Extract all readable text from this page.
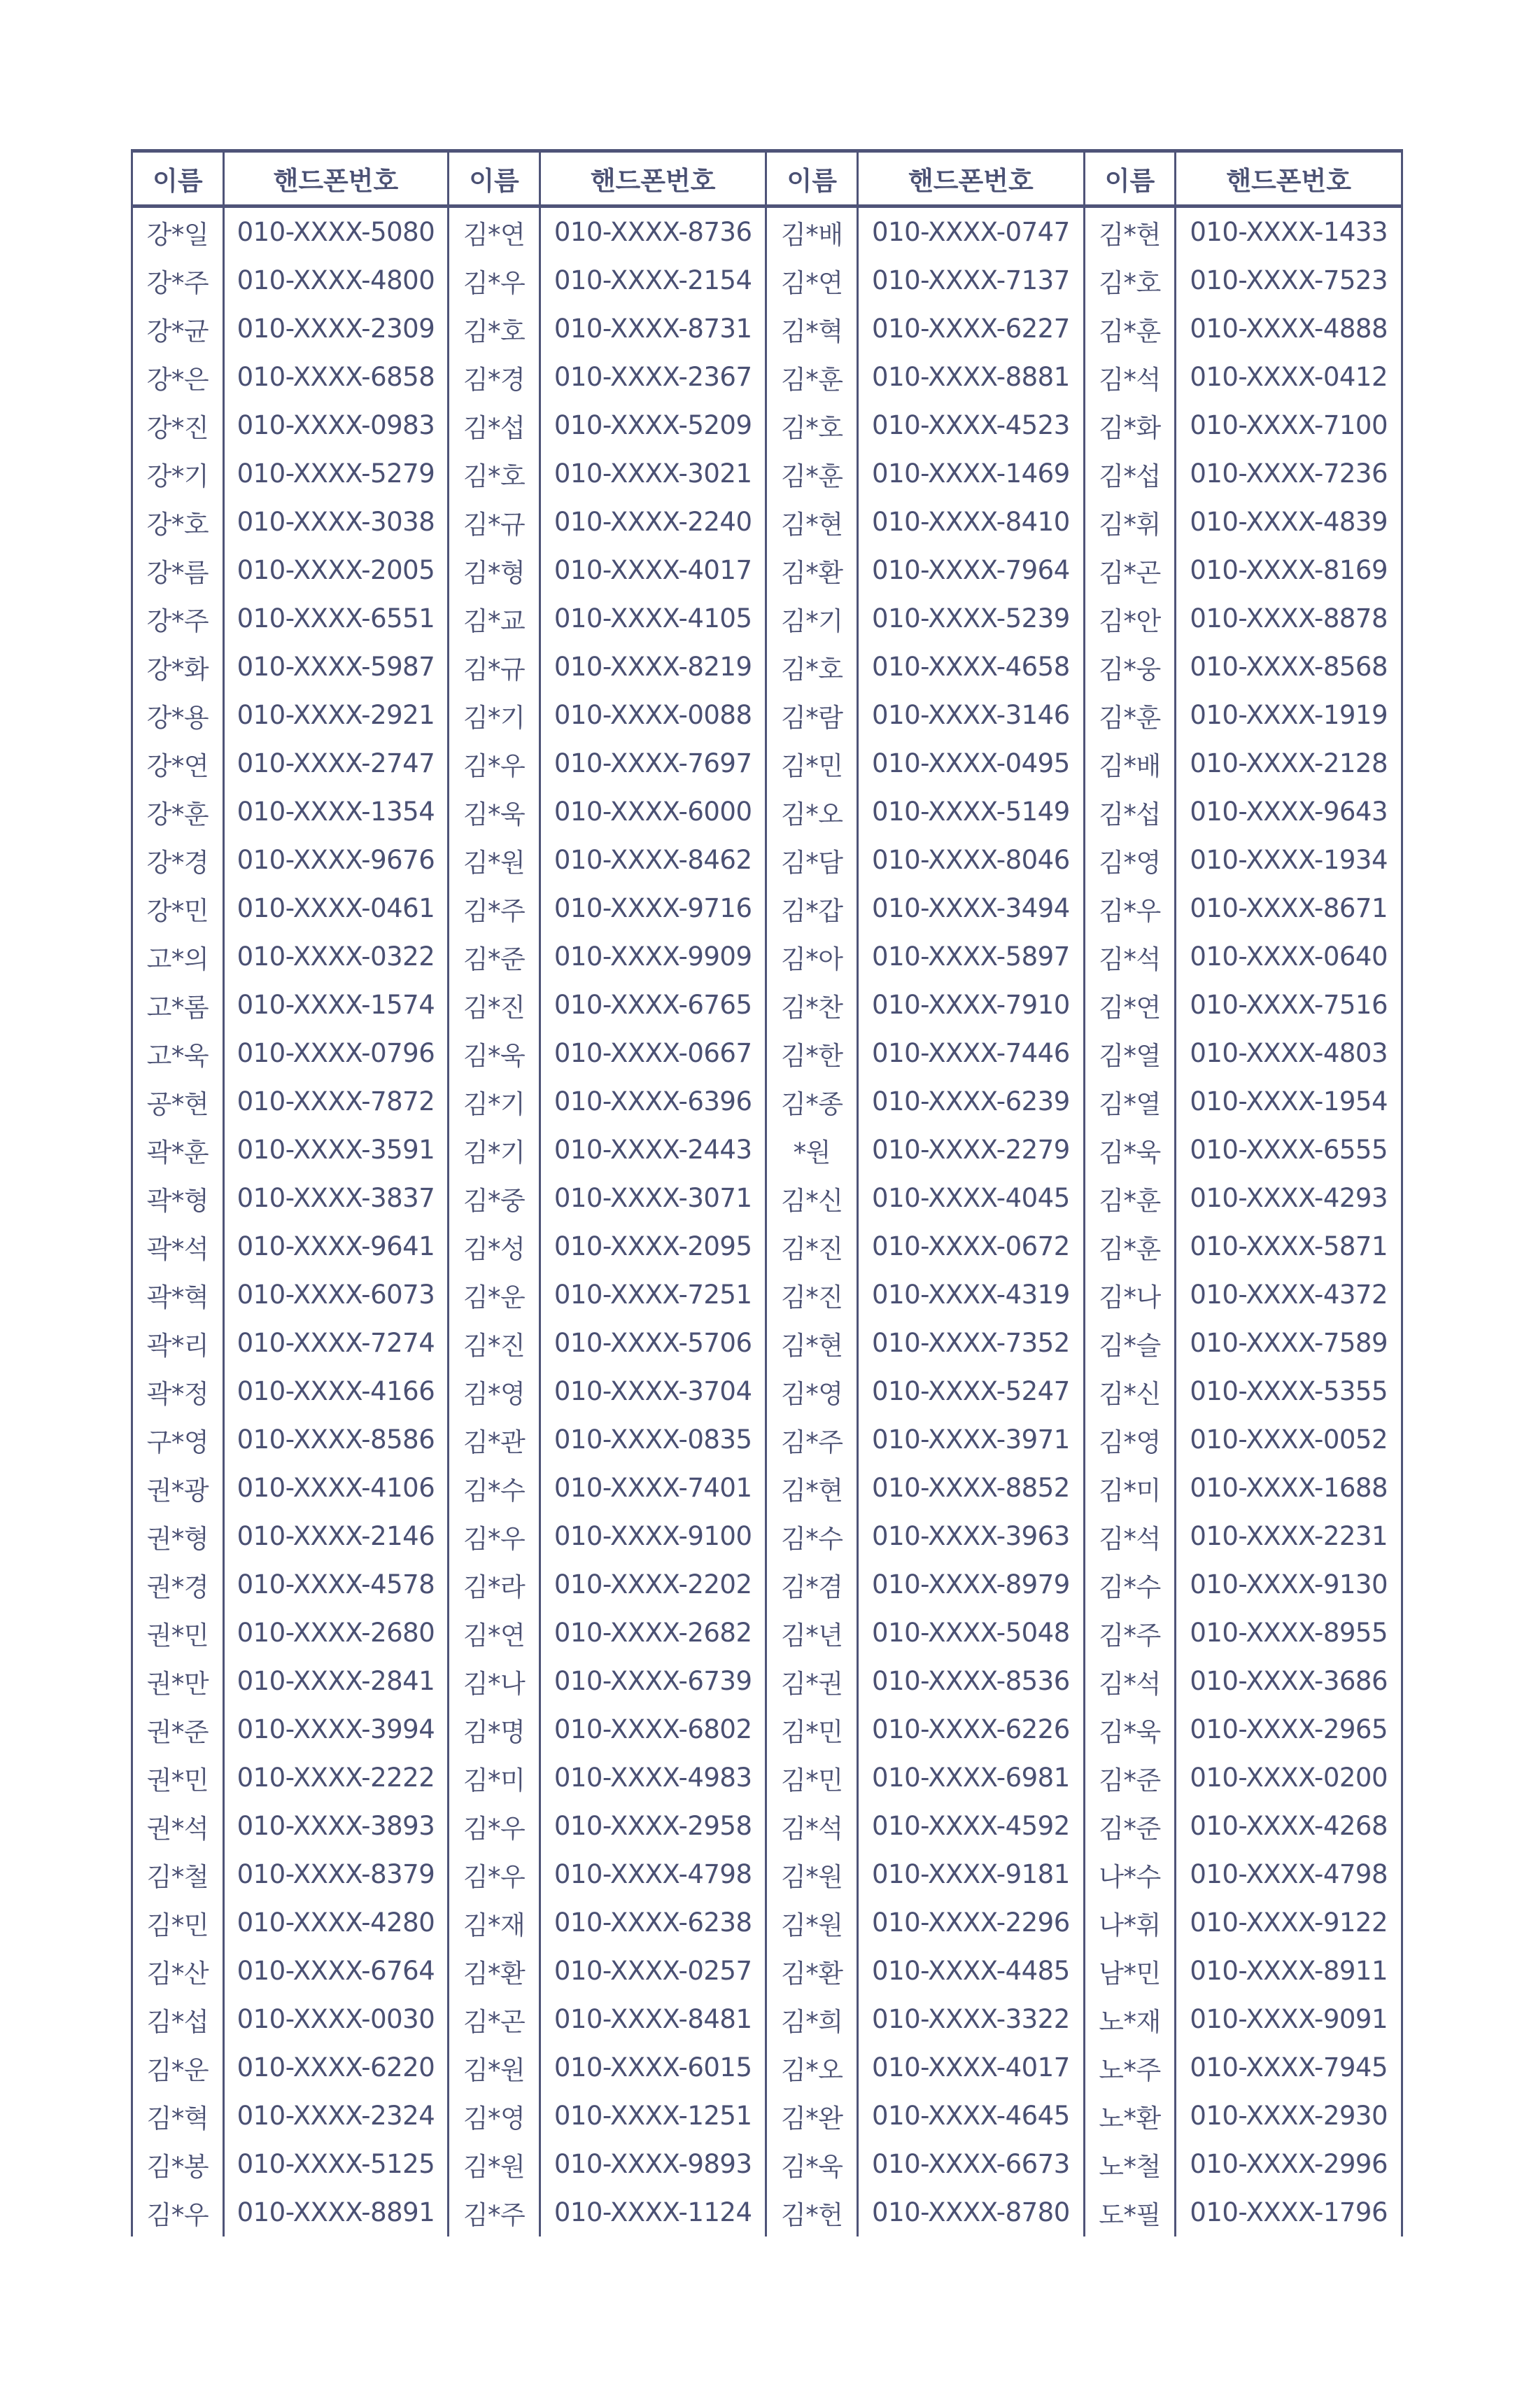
이름	핸드폰번호	이름	핸드폰번호	이름	핸드폰번호	이름	핸드폰번호
강*일	010-XXXX-5080	김*연	010-XXXX-8736	김*배	010-XXXX-0747	김*현	010-XXXX-1433
강*주	010-XXXX-4800	김*우	010-XXXX-2154	김*연	010-XXXX-7137	김*호	010-XXXX-7523
강*균	010-XXXX-2309	김*호	010-XXXX-8731	김*혁	010-XXXX-6227	김*훈	010-XXXX-4888
강*은	010-XXXX-6858	김*경	010-XXXX-2367	김*훈	010-XXXX-8881	김*석	010-XXXX-0412
강*진	010-XXXX-0983	김*섭	010-XXXX-5209	김*호	010-XXXX-4523	김*화	010-XXXX-7100
강*기	010-XXXX-5279	김*호	010-XXXX-3021	김*훈	010-XXXX-1469	김*섭	010-XXXX-7236
강*호	010-XXXX-3038	김*규	010-XXXX-2240	김*현	010-XXXX-8410	김*휘	010-XXXX-4839
강*름	010-XXXX-2005	김*형	010-XXXX-4017	김*환	010-XXXX-7964	김*곤	010-XXXX-8169
강*주	010-XXXX-6551	김*교	010-XXXX-4105	김*기	010-XXXX-5239	김*안	010-XXXX-8878
강*화	010-XXXX-5987	김*규	010-XXXX-8219	김*호	010-XXXX-4658	김*웅	010-XXXX-8568
강*용	010-XXXX-2921	김*기	010-XXXX-0088	김*람	010-XXXX-3146	김*훈	010-XXXX-1919
강*연	010-XXXX-2747	김*우	010-XXXX-7697	김*민	010-XXXX-0495	김*배	010-XXXX-2128
강*훈	010-XXXX-1354	김*욱	010-XXXX-6000	김*오	010-XXXX-5149	김*섭	010-XXXX-9643
강*경	010-XXXX-9676	김*원	010-XXXX-8462	김*담	010-XXXX-8046	김*영	010-XXXX-1934
강*민	010-XXXX-0461	김*주	010-XXXX-9716	김*갑	010-XXXX-3494	김*우	010-XXXX-8671
고*의	010-XXXX-0322	김*준	010-XXXX-9909	김*아	010-XXXX-5897	김*석	010-XXXX-0640
고*롬	010-XXXX-1574	김*진	010-XXXX-6765	김*찬	010-XXXX-7910	김*연	010-XXXX-7516
고*욱	010-XXXX-0796	김*욱	010-XXXX-0667	김*한	010-XXXX-7446	김*열	010-XXXX-4803
공*현	010-XXXX-7872	김*기	010-XXXX-6396	김*종	010-XXXX-6239	김*열	010-XXXX-1954
곽*훈	010-XXXX-3591	김*기	010-XXXX-2443	*원	010-XXXX-2279	김*욱	010-XXXX-6555
곽*형	010-XXXX-3837	김*중	010-XXXX-3071	김*신	010-XXXX-4045	김*훈	010-XXXX-4293
곽*석	010-XXXX-9641	김*성	010-XXXX-2095	김*진	010-XXXX-0672	김*훈	010-XXXX-5871
곽*혁	010-XXXX-6073	김*운	010-XXXX-7251	김*진	010-XXXX-4319	김*나	010-XXXX-4372
곽*리	010-XXXX-7274	김*진	010-XXXX-5706	김*현	010-XXXX-7352	김*슬	010-XXXX-7589
곽*정	010-XXXX-4166	김*영	010-XXXX-3704	김*영	010-XXXX-5247	김*신	010-XXXX-5355
구*영	010-XXXX-8586	김*관	010-XXXX-0835	김*주	010-XXXX-3971	김*영	010-XXXX-0052
권*광	010-XXXX-4106	김*수	010-XXXX-7401	김*현	010-XXXX-8852	김*미	010-XXXX-1688
권*형	010-XXXX-2146	김*우	010-XXXX-9100	김*수	010-XXXX-3963	김*석	010-XXXX-2231
권*경	010-XXXX-4578	김*라	010-XXXX-2202	김*겸	010-XXXX-8979	김*수	010-XXXX-9130
권*민	010-XXXX-2680	김*연	010-XXXX-2682	김*년	010-XXXX-5048	김*주	010-XXXX-8955
권*만	010-XXXX-2841	김*나	010-XXXX-6739	김*권	010-XXXX-8536	김*석	010-XXXX-3686
권*준	010-XXXX-3994	김*명	010-XXXX-6802	김*민	010-XXXX-6226	김*욱	010-XXXX-2965
권*민	010-XXXX-2222	김*미	010-XXXX-4983	김*민	010-XXXX-6981	김*준	010-XXXX-0200
권*석	010-XXXX-3893	김*우	010-XXXX-2958	김*석	010-XXXX-4592	김*준	010-XXXX-4268
김*철	010-XXXX-8379	김*우	010-XXXX-4798	김*원	010-XXXX-9181	나*수	010-XXXX-4798
김*민	010-XXXX-4280	김*재	010-XXXX-6238	김*원	010-XXXX-2296	나*휘	010-XXXX-9122
김*산	010-XXXX-6764	김*환	010-XXXX-0257	김*환	010-XXXX-4485	남*민	010-XXXX-8911
김*섭	010-XXXX-0030	김*곤	010-XXXX-8481	김*희	010-XXXX-3322	노*재	010-XXXX-9091
김*운	010-XXXX-6220	김*원	010-XXXX-6015	김*오	010-XXXX-4017	노*주	010-XXXX-7945
김*혁	010-XXXX-2324	김*영	010-XXXX-1251	김*완	010-XXXX-4645	노*환	010-XXXX-2930
김*봉	010-XXXX-5125	김*원	010-XXXX-9893	김*욱	010-XXXX-6673	노*철	010-XXXX-2996
김*우	010-XXXX-8891	김*주	010-XXXX-1124	김*헌	010-XXXX-8780	도*필	010-XXXX-1796
